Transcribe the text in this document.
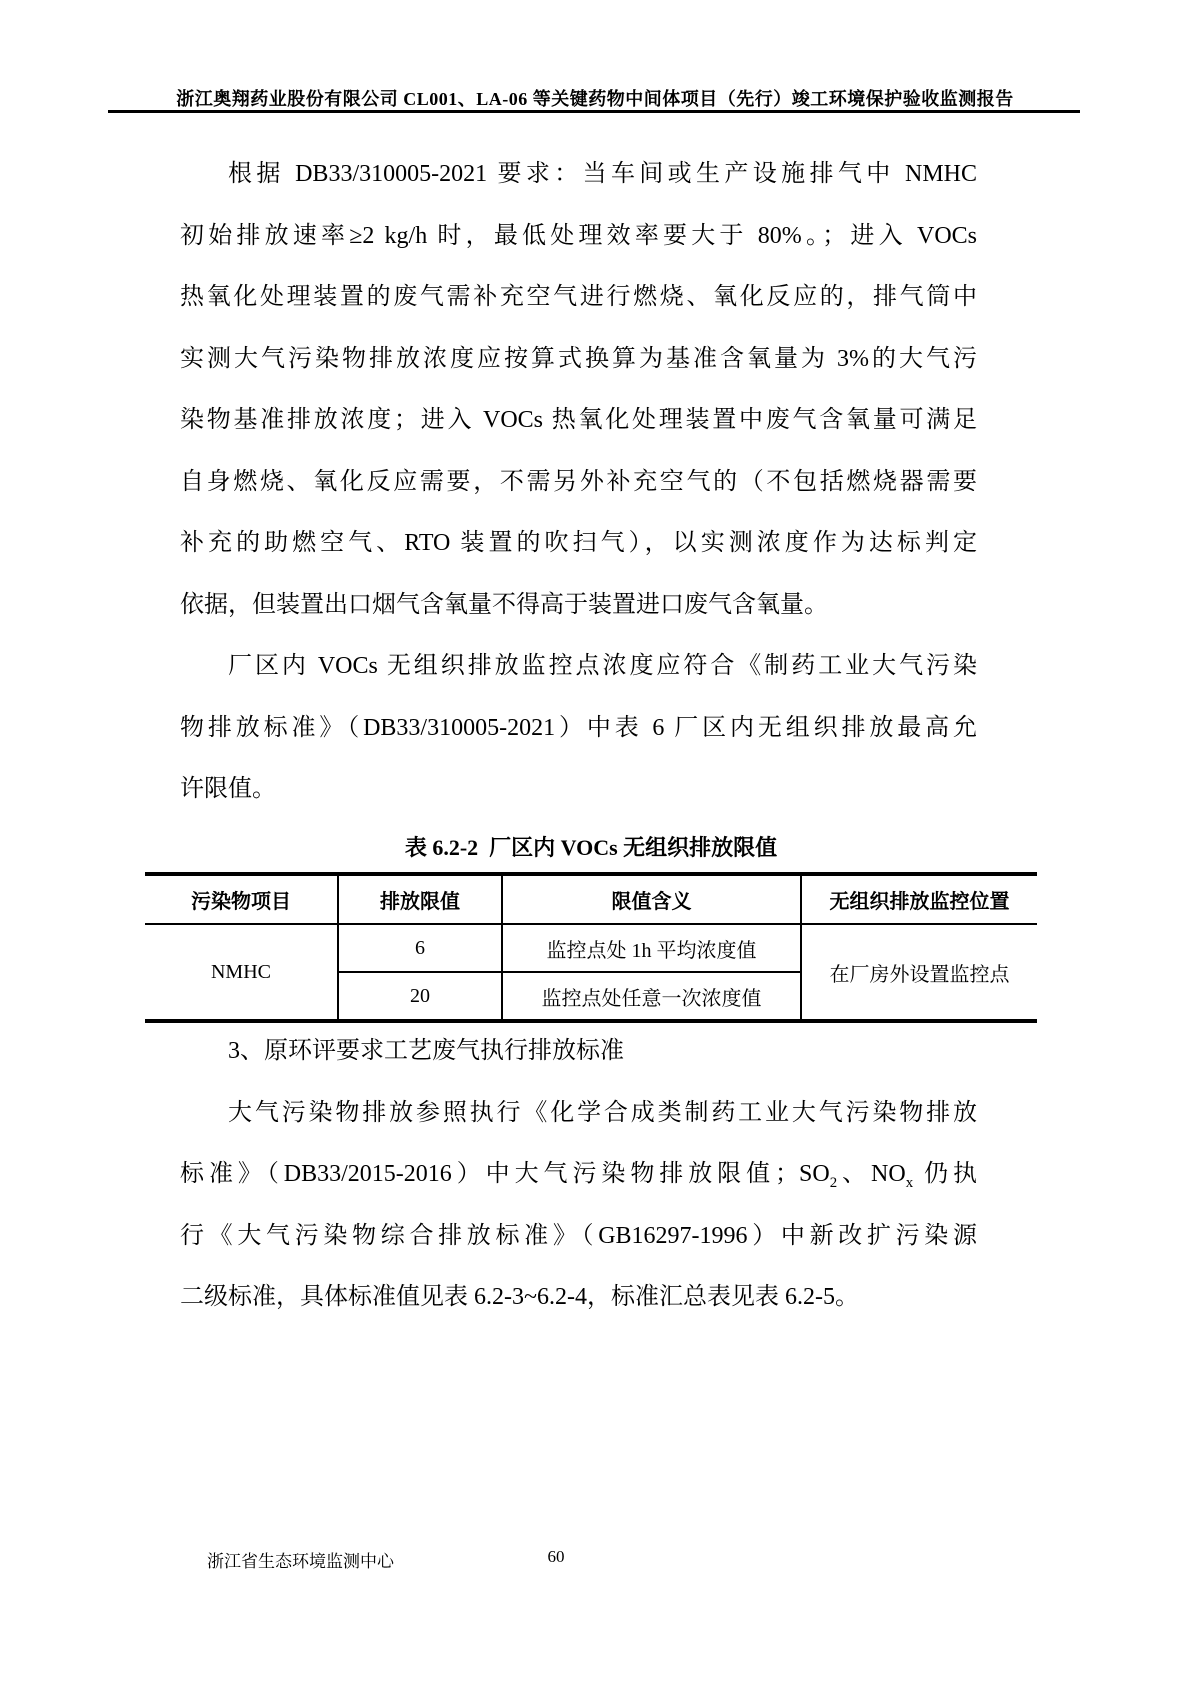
浙江奥翔药业股份有限公司 CL001、LA-06 等关键药物中间体项目（先行）竣工环境保护验收监测报告
根据 DB33/310005-2021 要求：当车间或生产设施排气中 NMHC
初始排放速率≥2 kg/h 时，最低处理效率要大于 80%。；进入 VOCs
热氧化处理装置的废气需补充空气进行燃烧、氧化反应的，排气筒中
实测大气污染物排放浓度应按算式换算为基准含氧量为 3%的大气污
染物基准排放浓度；进入 VOCs 热氧化处理装置中废气含氧量可满足
自身燃烧、氧化反应需要，不需另外补充空气的（不包括燃烧器需要
补充的助燃空气、RTO 装置的吹扫气），以实测浓度作为达标判定
依据，但装置出口烟气含氧量不得高于装置进口废气含氧量。
厂区内 VOCs 无组织排放监控点浓度应符合《制药工业大气污染
物排放标准》（DB33/310005-2021）中表 6 厂区内无组织排放最高允
许限值。
表 6.2-2  厂区内 VOCs 无组织排放限值
污染物项目	排放限值	限值含义	无组织排放监控位置
NMHC	6	监控点处 1h 平均浓度值	在厂房外设置监控点
	20	监控点处任意一次浓度值	
3、原环评要求工艺废气执行排放标准
大气污染物排放参照执行《化学合成类制药工业大气污染物排放
标准》（DB33/2015-2016）中大气污染物排放限值；$SO_2$、$NO_x$ 仍执
行《大气污染物综合排放标准》（GB16297-1996）中新改扩污染源
二级标准，具体标准值见表 6.2-3~6.2-4，标准汇总表见表 6.2-5。
浙江省生态环境监测中心	60
